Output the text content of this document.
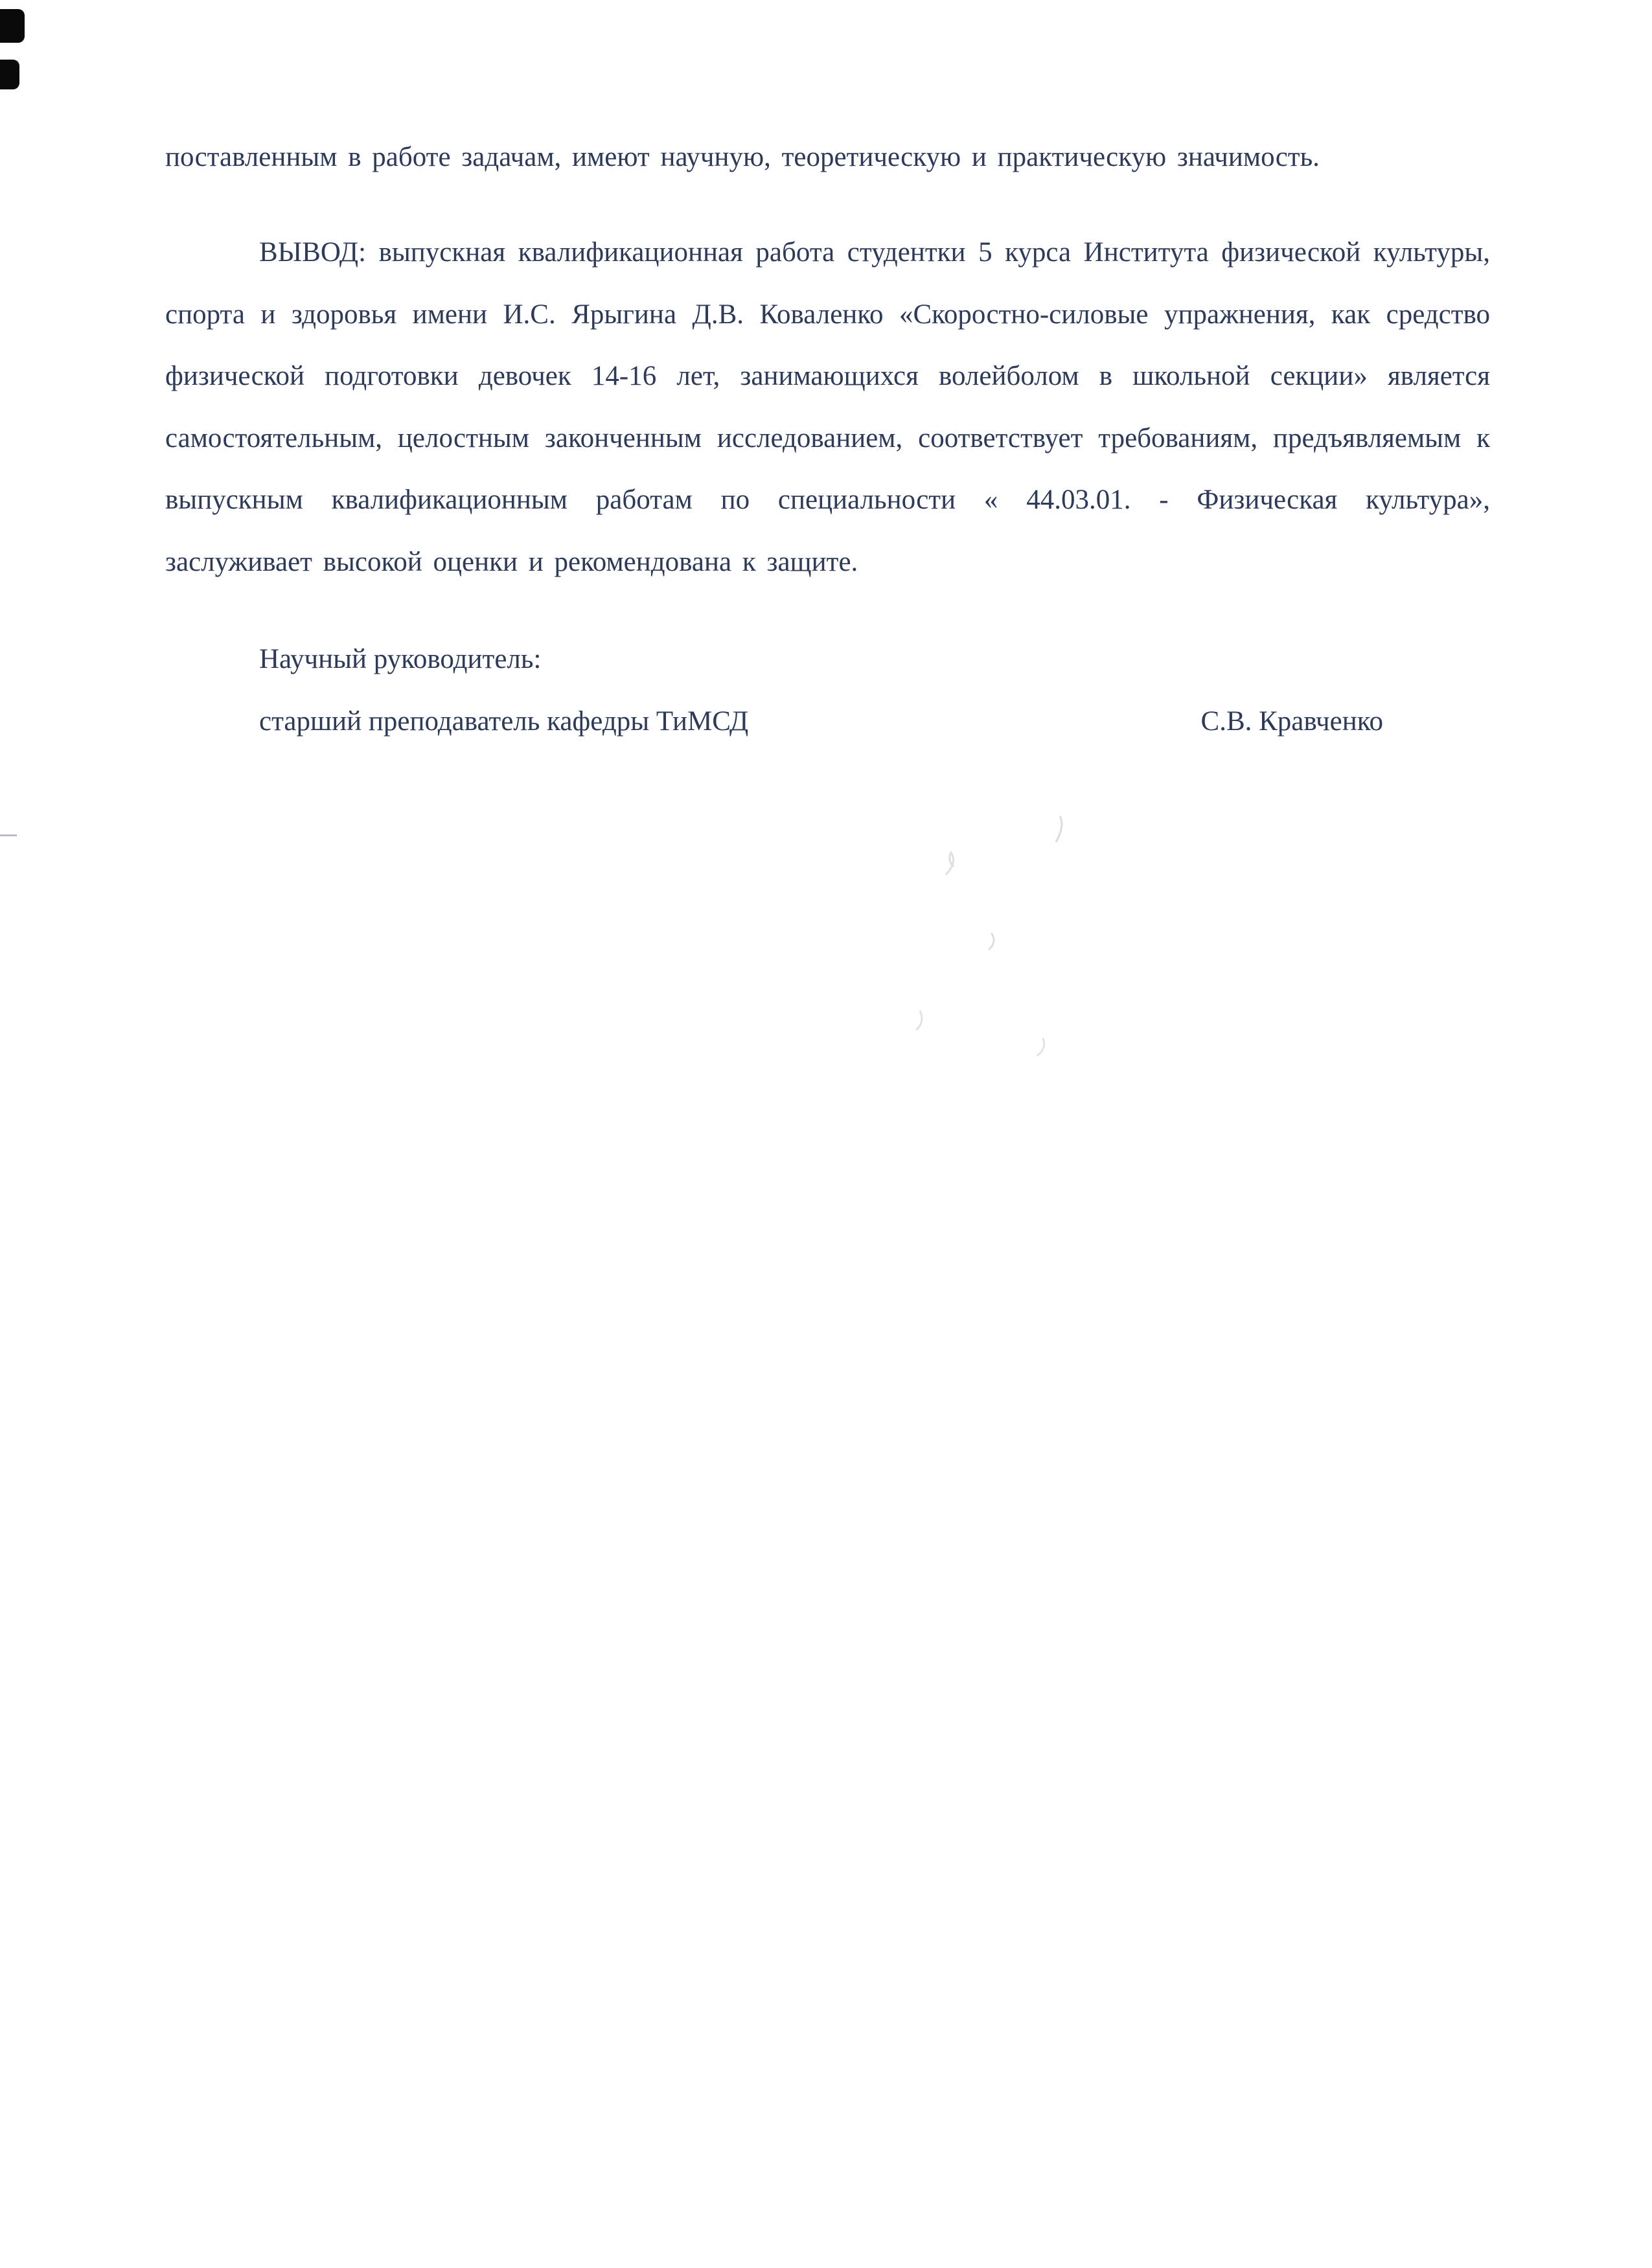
поставленным в работе задачам, имеют научную, теоретическую и практическую значимость.

ВЫВОД: выпускная квалификационная работа студентки 5 курса Института физической культуры, спорта и здоровья имени И.С. Ярыгина Д.В. Коваленко «Скоростно-силовые упражнения, как средство физической подготовки девочек 14-16 лет, занимающихся волейболом в школьной секции» является самостоятельным, целостным законченным исследованием, соответствует требованиям, предъявляемым к выпускным квалификационным работам по специальности « 44.03.01. - Физическая культура», заслуживает высокой оценки и рекомендована к защите.

Научный руководитель:
старший преподаватель кафедры ТиМСД	С.В. Кравченко
